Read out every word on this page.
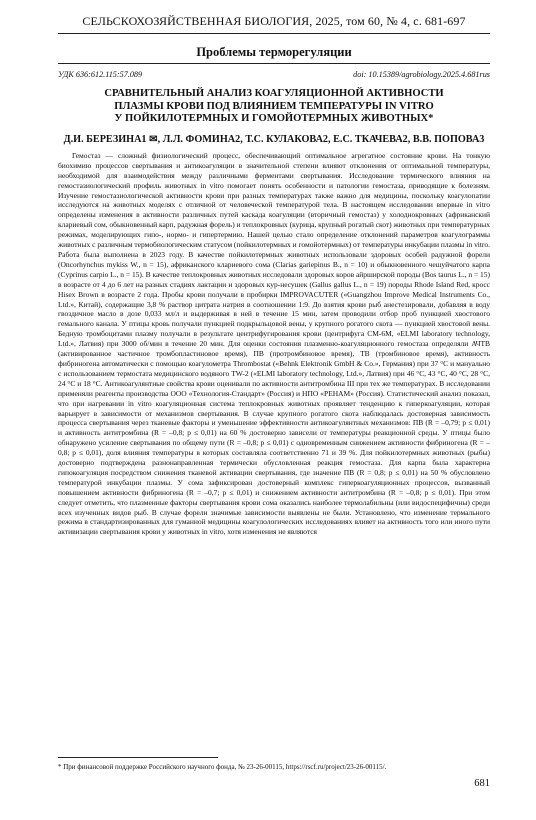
СЕЛЬСКОХОЗЯЙСТВЕННАЯ БИОЛОГИЯ, 2025, том 60, № 4, с. 681-697
Проблемы терморегуляции
УДК 636:612.115:57.089	doi: 10.15389/agrobiology.2025.4.681rus
СРАВНИТЕЛЬНЫЙ АНАЛИЗ КОАГУЛЯЦИОННОЙ АКТИВНОСТИ
ПЛАЗМЫ КРОВИ ПОД ВЛИЯНИЕМ ТЕМПЕРАТУРЫ IN VITRO
У ПОЙКИЛОТЕРМНЫХ И ГОМОЙОТЕРМНЫХ ЖИВОТНЫХ*
Д.И. БЕРЕЗИНА1 ✉, Л.Л. ФОМИНА2, Т.С. КУЛАКОВА2, Е.С. ТКАЧЕВА2, В.В. ПОПОВА3

Гемостаз — сложный физиологический процесс, обеспечивающий оптимальное агрегатное состояние крови. На тонкую биохимию процессов свертывания и антикоагуляции в значительной степени влияют отклонения от оптимальной температуры, необходимой для взаимодействия между различными ферментами свертывания. Исследование термического влияния на гемостазиологический профиль животных in vitro помогает понять особенности и патологии гемостаза, приводящие к болезням. Изучение гемостазиологической активности крови при разных температурах также важно для медицины, поскольку коагулопатии исследуются на животных моделях с отличной от человеческой температурой тела. В настоящем исследовании впервые in vitro определены изменения в активности различных путей каскада коагуляции (вторичный гемостаз) у холоднокровных (африканский клариевый сом, обыкновенный карп, радужная форель) и теплокровных (курица, крупный рогатый скот) животных при температурных режимах, моделирующих гипо-, нормо- и гипертермию. Нашей целью стало определение отклонений параметров коагулограммы животных с различным термобиологическим статусом (пойкилотермных и гомойотермных) от температуры инкубации плазмы in vitro. Работа была выполнена в 2023 году. В качестве пойкилотермных животных использовали здоровых особей радужной форели (Oncorhynchus mykiss W., n = 15), африканского клариевого сома (Clarias gariepinus B., n = 10) и обыкновенного чешуйчатого карпа (Cyprinus carpio L., n = 15). В качестве теплокровных животных исследовали здоровых коров айрширской породы (Bos taurus L., n = 15) в возрасте от 4 до 6 лет на разных стадиях лактации и здоровых кур-несушек (Gallus gallus L., n = 19) породы Rhode Island Red, кросс Hisex Brown в возрасте 2 года. Пробы крови получали в пробирки IMPROVACUTER («Guangzhou Improve Medical Instruments Co., Ltd.», Китай), содержащие 3,8 % раствор цитрата натрия в соотношении 1:9. До взятия крови рыб анестезировали, добавляя в воду гвоздичное масло в дозе 0,033 мл/л и выдерживая в ней в течение 15 мин, затем проводили отбор проб пункцией хвостового гемального канала. У птицы кровь получали пункцией подкрыльцовой вены, у крупного рогатого скота — пункцией хвостовой вены. Бедную тромбоцитами плазму получали в результате центрифугирования крови (центрифуга CM-6M, «ELMI laboratory technology, Ltd.», Латвия) при 3000 об/мин в течение 20 мин. Для оценки состояния плазменно-коагуляционного гемостаза определяли АЧТВ (активированное частичное тромбопластиновое время), ПВ (протромбиновое время), ТВ (тромбиновое время), активность фибриногена автоматически с помощью коагулометра Thrombostat («Behnk Elektronik GmbH & Co.», Германия) при 37 °С и мануально с использованием термостата медицинского водяного TW-2 («ELMI laboratory technology, Ltd.», Латвия) при 46 °С, 43 °С, 40 °С, 28 °С, 24 °С и 18 °С. Антикоагулянтные свойства крови оценивали по активности антитромбина III при тех же температурах. В исследовании применяли реагенты производства ООО «Технология-Стандарт» (Россия) и НПО «РЕНАМ» (Россия). Статистический анализ показал, что при нагревании in vitro коагуляционная система теплокровных животных проявляет тенденцию к гиперкоагуляции, которая варьирует в зависимости от механизмов свертывания. В случае крупного рогатого скота наблюдалась достоверная зависимость процесса свертывания через тканевые факторы и уменьшение эффективности антикоагулянтных механизмов: ПВ (R = –0,79; p ≤ 0,01) и активность антитромбина (R = –0,8; p ≤ 0,01) на 60 % достоверно зависели от температуры реакционной среды. У птицы было обнаружено усиление свертывания по общему пути (R = –0,8; p ≤ 0,01) с одновременным снижением активности фибриногена (R = –0,8; p ≤ 0,01), доля влияния температуры в которых составляла соответственно 71 и 39 %. Для пойкилотермных животных (рыбы) достоверно подтверждена разнонаправленная термически обусловленная реакция гемостаза. Для карпа была характерна гипокоагуляция посредством снижения тканевой активации свертывания, где значение ПВ (R = 0,8; p ≤ 0,01) на 50 % обусловлено температурой инкубации плазмы. У сома зафиксирован достоверный комплекс гиперкоагуляционных процессов, вызванный повышением активности фибриногена (R = –0,7; p ≤ 0,01) и снижением активности антитромбина (R = –0,8; p ≤ 0,01). При этом следует отметить, что плазменные факторы свертывания крови сома оказались наиболее термолабильны (или видоспецифичны) среди всех изученных видов рыб. В случае форели значимые зависимости выявлены не были. Установлено, что изменение термального режима в стандартизированных для гуманной медицины коагулологических исследованиях влияет на активность того или иного пути активизации свертывания крови у животных in vitro, хотя изменения не являются

* При финансовой поддержке Российского научного фонда, № 23-26-00115, https://rscf.ru/project/23-26-00115/.
681
